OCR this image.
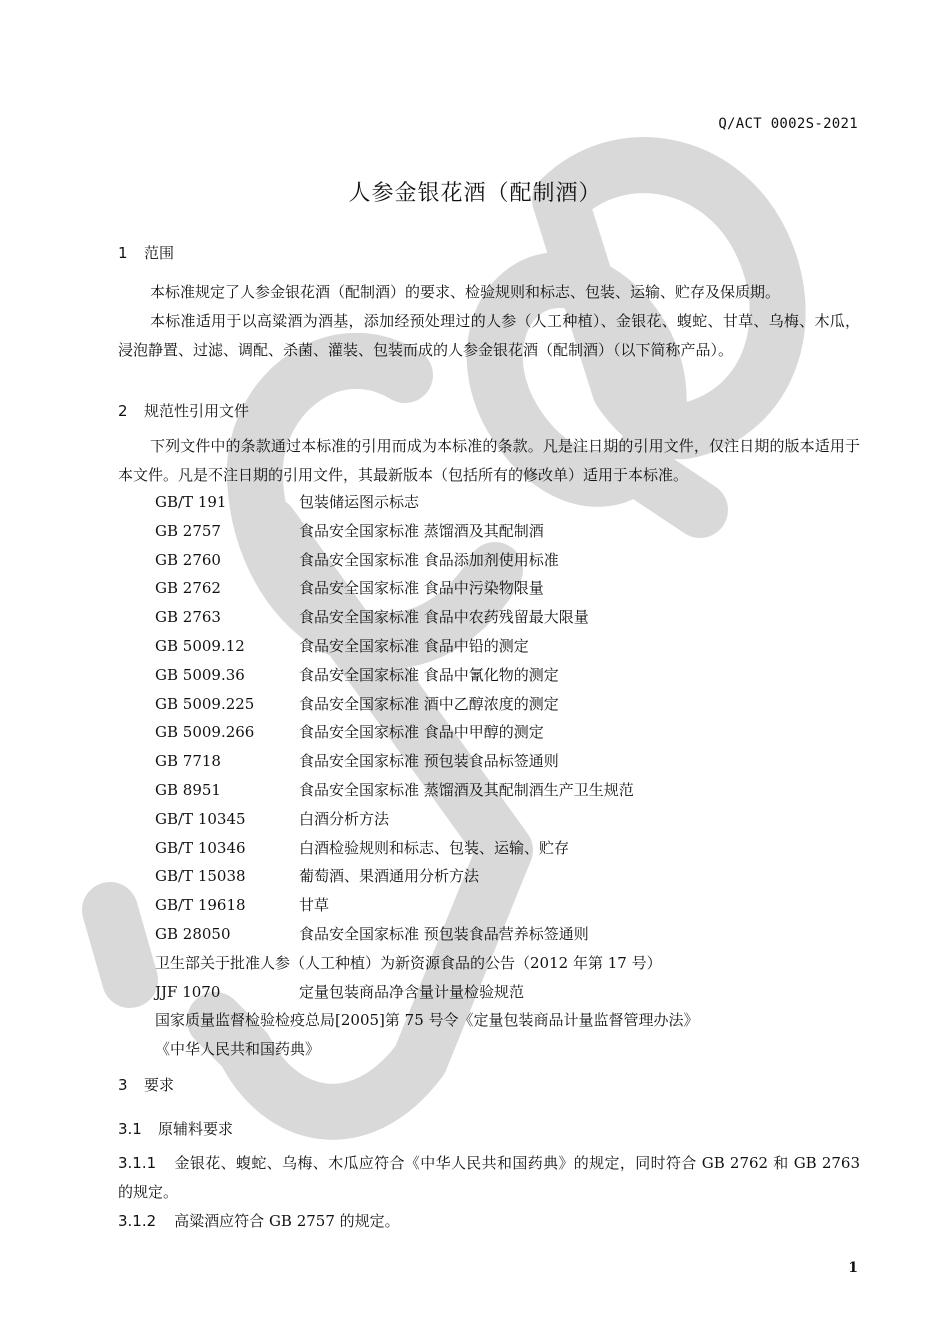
Q/ACT 0002S-2021
人参金银花酒（配制酒）
1 范围

本标准规定了人参金银花酒（配制酒）的要求、检验规则和标志、包装、运输、贮存及保质期。

本标准适用于以高粱酒为酒基，添加经预处理过的人参（人工种植）、金银花、蝮蛇、甘草、乌梅、木瓜，浸泡静置、过滤、调配、杀菌、灌装、包装而成的人参金银花酒（配制酒）（以下简称产品）。

2 规范性引用文件

下列文件中的条款通过本标准的引用而成为本标准的条款。凡是注日期的引用文件，仅注日期的版本适用于本文件。凡是不注日期的引用文件，其最新版本（包括所有的修改单）适用于本标准。

GB/T 191	包装储运图示标志
GB 2757	食品安全国家标准 蒸馏酒及其配制酒
GB 2760	食品安全国家标准 食品添加剂使用标准
GB 2762	食品安全国家标准 食品中污染物限量
GB 2763	食品安全国家标准 食品中农药残留最大限量
GB 5009.12	食品安全国家标准 食品中铅的测定
GB 5009.36	食品安全国家标准 食品中氰化物的测定
GB 5009.225	食品安全国家标准 酒中乙醇浓度的测定
GB 5009.266	食品安全国家标准 食品中甲醇的测定
GB 7718	食品安全国家标准 预包装食品标签通则
GB 8951	食品安全国家标准 蒸馏酒及其配制酒生产卫生规范
GB/T 10345	白酒分析方法
GB/T 10346	白酒检验规则和标志、包装、运输、贮存
GB/T 15038	葡萄酒、果酒通用分析方法
GB/T 19618	甘草
GB 28050	食品安全国家标准 预包装食品营养标签通则
卫生部关于批准人参（人工种植）为新资源食品的公告（2012 年第 17 号）
JJF 1070	定量包装商品净含量计量检验规范
国家质量监督检验检疫总局[2005]第 75 号令《定量包装商品计量监督管理办法》
《中华人民共和国药典》
3 要求
3.1 原辅料要求

3.1.1 金银花、蝮蛇、乌梅、木瓜应符合《中华人民共和国药典》的规定，同时符合 GB 2762 和 GB 2763 的规定。

3.1.2 高粱酒应符合 GB 2757 的规定。

1
